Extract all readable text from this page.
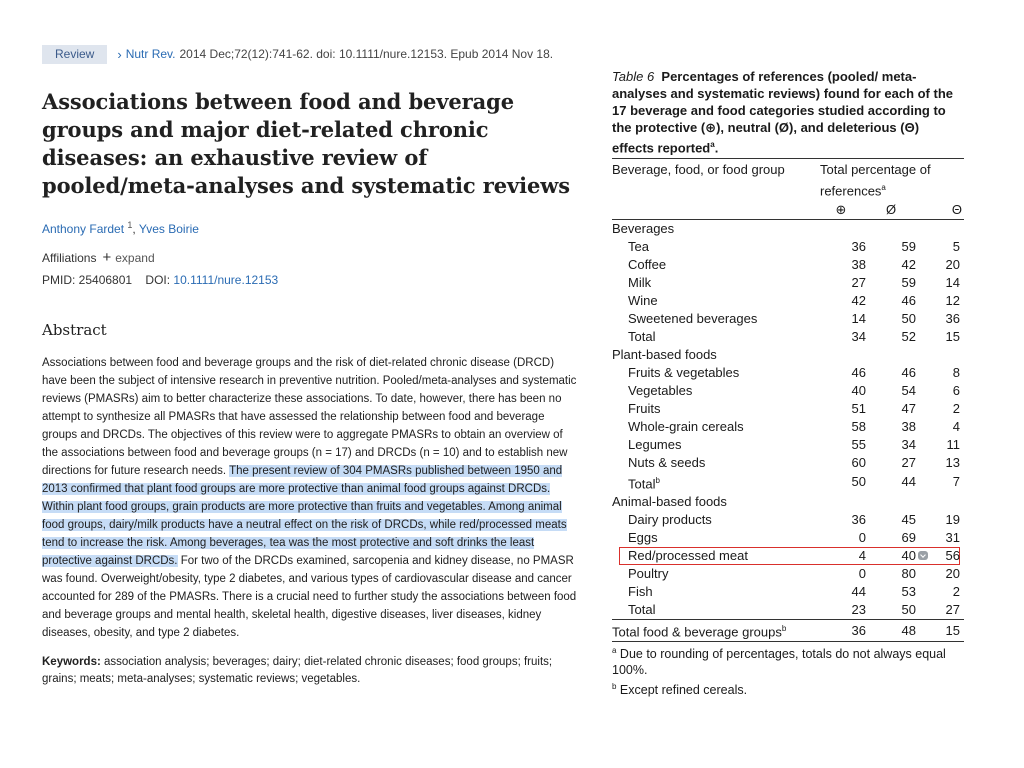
Review	› Nutr Rev. 2014 Dec;72(12):741-62. doi: 10.1111/nure.12153. Epub 2014 Nov 18.
Associations between food and beverage groups and major diet-related chronic diseases: an exhaustive review of pooled/meta-analyses and systematic reviews
Anthony Fardet $^1$, Yves Boirie
Affiliations + expand
PMID: 25406801 DOI: 10.1111/nure.12153
Abstract
Associations between food and beverage groups and the risk of diet-related chronic disease (DRCD) have been the subject of intensive research in preventive nutrition. Pooled/meta-analyses and systematic reviews (PMASRs) aim to better characterize these associations. To date, however, there has been no attempt to synthesize all PMASRs that have assessed the relationship between food and beverage groups and DRCDs. The objectives of this review were to aggregate PMASRs to obtain an overview of the associations between food and beverage groups (n = 17) and DRCDs (n = 10) and to establish new directions for future research needs. The present review of 304 PMASRs published between 1950 and 2013 confirmed that plant food groups are more protective than animal food groups against DRCDs. Within plant food groups, grain products are more protective than fruits and vegetables. Among animal food groups, dairy/milk products have a neutral effect on the risk of DRCDs, while red/processed meats tend to increase the risk. Among beverages, tea was the most protective and soft drinks the least protective against DRCDs. For two of the DRCDs examined, sarcopenia and kidney disease, no PMASR was found. Overweight/obesity, type 2 diabetes, and various types of cardiovascular disease and cancer accounted for 289 of the PMASRs. There is a crucial need to further study the associations between food and beverage groups and mental health, skeletal health, digestive diseases, liver diseases, kidney diseases, obesity, and type 2 diabetes.
Keywords: association analysis; beverages; dairy; diet-related chronic diseases; food groups; fruits; grains; meats; meta-analyses; systematic reviews; vegetables.
Table 6 Percentages of references (pooled/ meta-analyses and systematic reviews) found for each of the 17 beverage and food categories studied according to the protective (⊕), neutral (Ø), and deleterious (Θ) effects reported$^a$.
Beverage, food, or food group	Total percentage of references$^a$
	⊕	Ø	Θ
Beverages			
Tea	36	59	5
Coffee	38	42	20
Milk	27	59	14
Wine	42	46	12
Sweetened beverages	14	50	36
Total	34	52	15
Plant-based foods			
Fruits & vegetables	46	46	8
Vegetables	40	54	6
Fruits	51	47	2
Whole-grain cereals	58	38	4
Legumes	55	34	11
Nuts & seeds	60	27	13
Total$^b$	50	44	7
Animal-based foods			
Dairy products	36	45	19
Eggs	0	69	31
Red/processed meat	4	40	56
Poultry	0	80	20
Fish	44	53	2
Total	23	50	27
Total food & beverage groups$^b$	36	48	15
$^a$ Due to rounding of percentages, totals do not always equal 100%.
$^b$ Except refined cereals.
